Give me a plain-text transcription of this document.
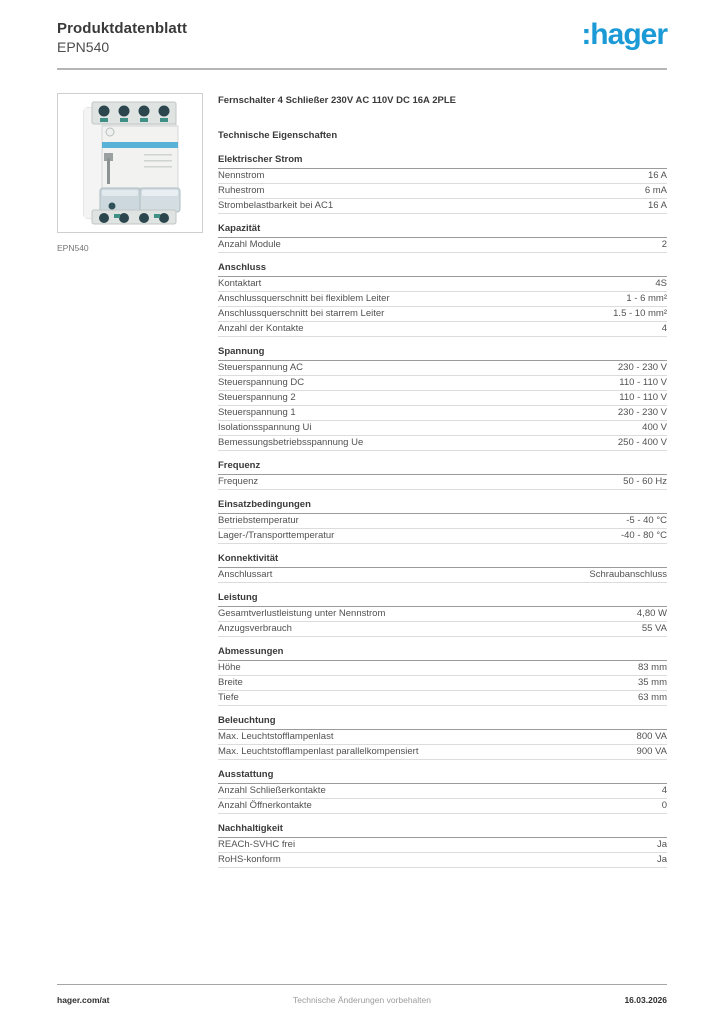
Produktdatenblatt
EPN540	:hager
EPN540
Fernschalter 4 Schließer 230V AC 110V DC 16A 2PLE
Technische Eigenschaften
Elektrischer Strom
Nennstrom	16 A
Ruhestrom	6 mA
Strombelastbarkeit bei AC1	16 A
Kapazität
Anzahl Module	2
Anschluss
Kontaktart	4S
Anschlussquerschnitt bei flexiblem Leiter	1 - 6 mm²
Anschlussquerschnitt bei starrem Leiter	1.5 - 10 mm²
Anzahl der Kontakte	4
Spannung
Steuerspannung AC	230 - 230 V
Steuerspannung DC	110 - 110 V
Steuerspannung 2	110 - 110 V
Steuerspannung 1	230 - 230 V
Isolationsspannung Ui	400 V
Bemessungsbetriebsspannung Ue	250 - 400 V
Frequenz
Frequenz	50 - 60 Hz
Einsatzbedingungen
Betriebstemperatur	-5 - 40 °C
Lager-/Transporttemperatur	-40 - 80 °C
Konnektivität
Anschlussart	Schraubanschluss
Leistung
Gesamtverlustleistung unter Nennstrom	4,80 W
Anzugsverbrauch	55 VA
Abmessungen
Höhe	83 mm
Breite	35 mm
Tiefe	63 mm
Beleuchtung
Max. Leuchtstofflampenlast	800 VA
Max. Leuchtstofflampenlast parallelkompensiert	900 VA
Ausstattung
Anzahl Schließerkontakte	4
Anzahl Öffnerkontakte	0
Nachhaltigkeit
REACh-SVHC frei	Ja
RoHS-konform	Ja
hager.com/at	Technische Änderungen vorbehalten	16.03.2026
